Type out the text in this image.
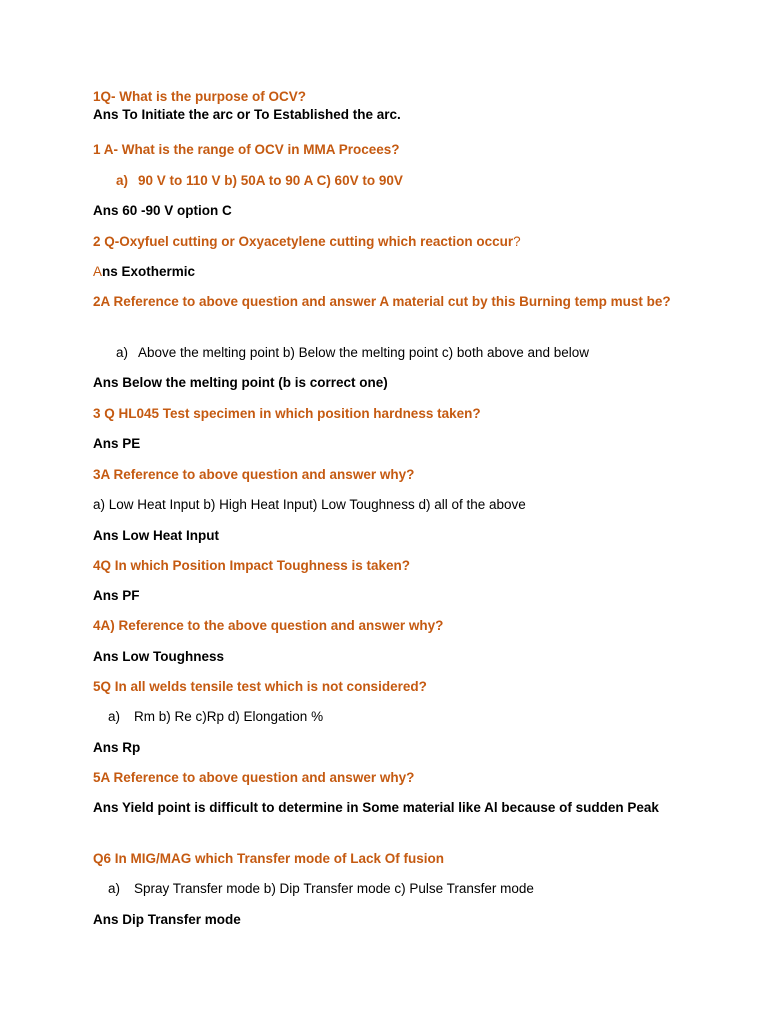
1Q- What is the purpose of OCV?
Ans To Initiate the arc or To Established the arc.
1 A- What is the range of OCV in MMA Procees?
a) 90 V to 110 V b) 50A to 90 A C) 60V to 90V
Ans 60 -90 V option C
2 Q-Oxyfuel cutting or Oxyacetylene cutting which reaction occur?
Ans Exothermic
2A Reference to above question and answer A material cut by this Burning temp must be?
a) Above the melting point b) Below the melting point c) both above and below
Ans Below the melting point (b is correct one)
3 Q HL045 Test specimen in which position hardness taken?
Ans PE
3A Reference to above question and answer why?
a) Low Heat Input b) High Heat Input) Low Toughness d) all of the above
Ans Low Heat Input
4Q In which Position Impact Toughness is taken?
Ans PF
4A) Reference to the above question and answer why?
Ans Low Toughness
5Q In all welds tensile test which is not considered?
a) Rm b) Re c)Rp d) Elongation %
Ans Rp
5A Reference to above question and answer why?
Ans Yield point is difficult to determine in Some material like Al because of sudden Peak
Q6 In MIG/MAG which Transfer mode of Lack Of fusion
a) Spray Transfer mode b) Dip Transfer mode c) Pulse Transfer mode
Ans Dip Transfer mode
